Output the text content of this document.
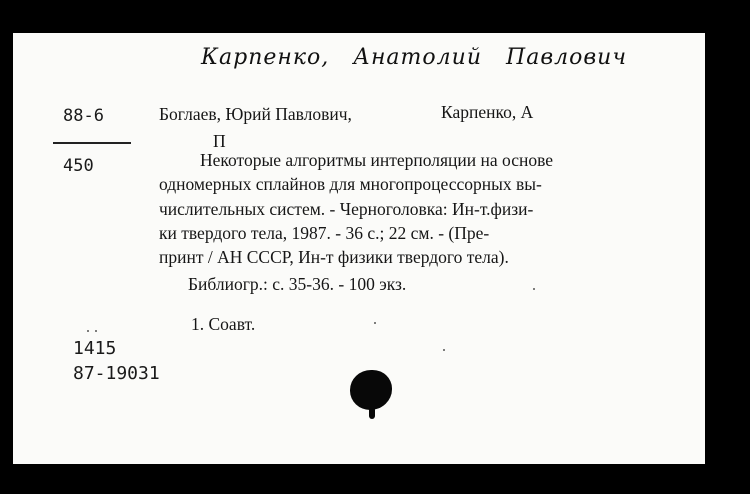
Карпенко, Анатолий Павлович
88-6
450
Боглаев, Юрий Павлович,	Карпенко, А
П
Некоторые алгоритмы интерполяции на основе
одномерных сплайнов для многопроцессорных вы-
числительных систем. - Черноголовка: Ин-т.физи-
ки твердого тела, 1987. - 36 с.; 22 см. - (Пре-
принт / АН СССР, Ин-т физики твердого тела).
Библиогр.: с. 35-36. - 100 экз.
1. Соавт.
1415
87-19031
